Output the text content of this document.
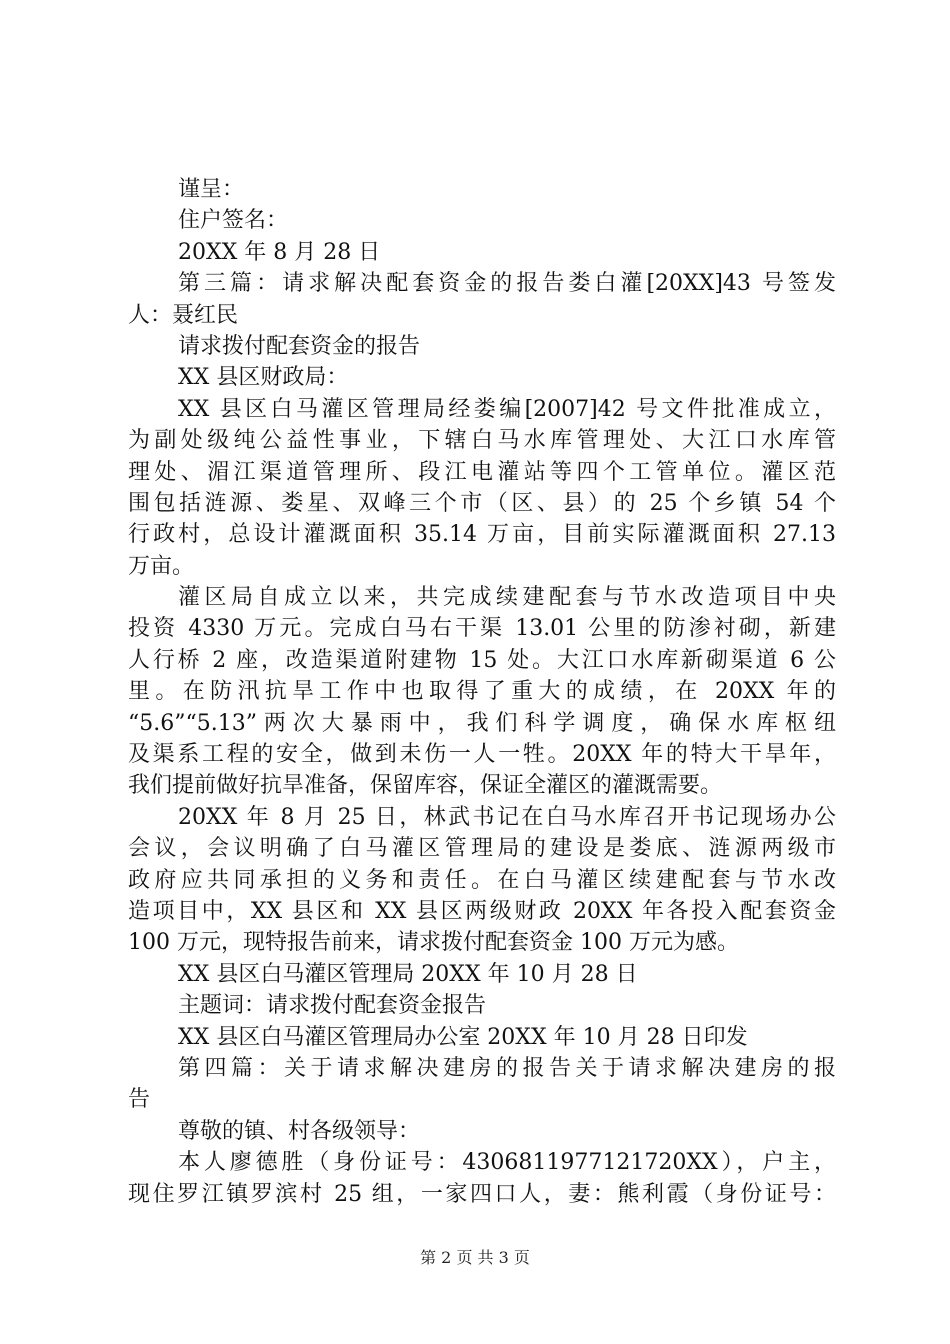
谨呈：
住户签名：
20XX 年 8 月 28 日
第三篇：请求解决配套资金的报告娄白灌[20XX]43 号签发
人：聂红民
请求拨付配套资金的报告
XX 县区财政局：
XX 县区白马灌区管理局经娄编[2007]42 号文件批准成立，
为副处级纯公益性事业，下辖白马水库管理处、大江口水库管
理处、湄江渠道管理所、段江电灌站等四个工管单位。灌区范
围包括涟源、娄星、双峰三个市（区、县）的 25 个乡镇 54 个
行政村，总设计灌溉面积 35.14 万亩，目前实际灌溉面积 27.13
万亩。
灌区局自成立以来，共完成续建配套与节水改造项目中央
投资 4330 万元。完成白马右干渠 13.01 公里的防渗衬砌，新建
人行桥 2 座，改造渠道附建物 15 处。大江口水库新砌渠道 6 公
里。在防汛抗旱工作中也取得了重大的成绩，在 20XX 年的
“5.6”“5.13”两次大暴雨中，我们科学调度，确保水库枢纽
及渠系工程的安全，做到未伤一人一牲。20XX 年的特大干旱年，
我们提前做好抗旱准备，保留库容，保证全灌区的灌溉需要。
20XX 年 8 月 25 日，林武书记在白马水库召开书记现场办公
会议，会议明确了白马灌区管理局的建设是娄底、涟源两级市
政府应共同承担的义务和责任。在白马灌区续建配套与节水改
造项目中，XX 县区和 XX 县区两级财政 20XX 年各投入配套资金
100 万元，现特报告前来，请求拨付配套资金 100 万元为感。
XX 县区白马灌区管理局 20XX 年 10 月 28 日
主题词：请求拨付配套资金报告
XX 县区白马灌区管理局办公室 20XX 年 10 月 28 日印发
第四篇：关于请求解决建房的报告关于请求解决建房的报
告
尊敬的镇、村各级领导：
本人廖德胜（身份证号：4306811977121720XX），户主，
现住罗江镇罗滨村 25 组，一家四口人，妻：熊利霞（身份证号：
第 2 页 共 3 页
